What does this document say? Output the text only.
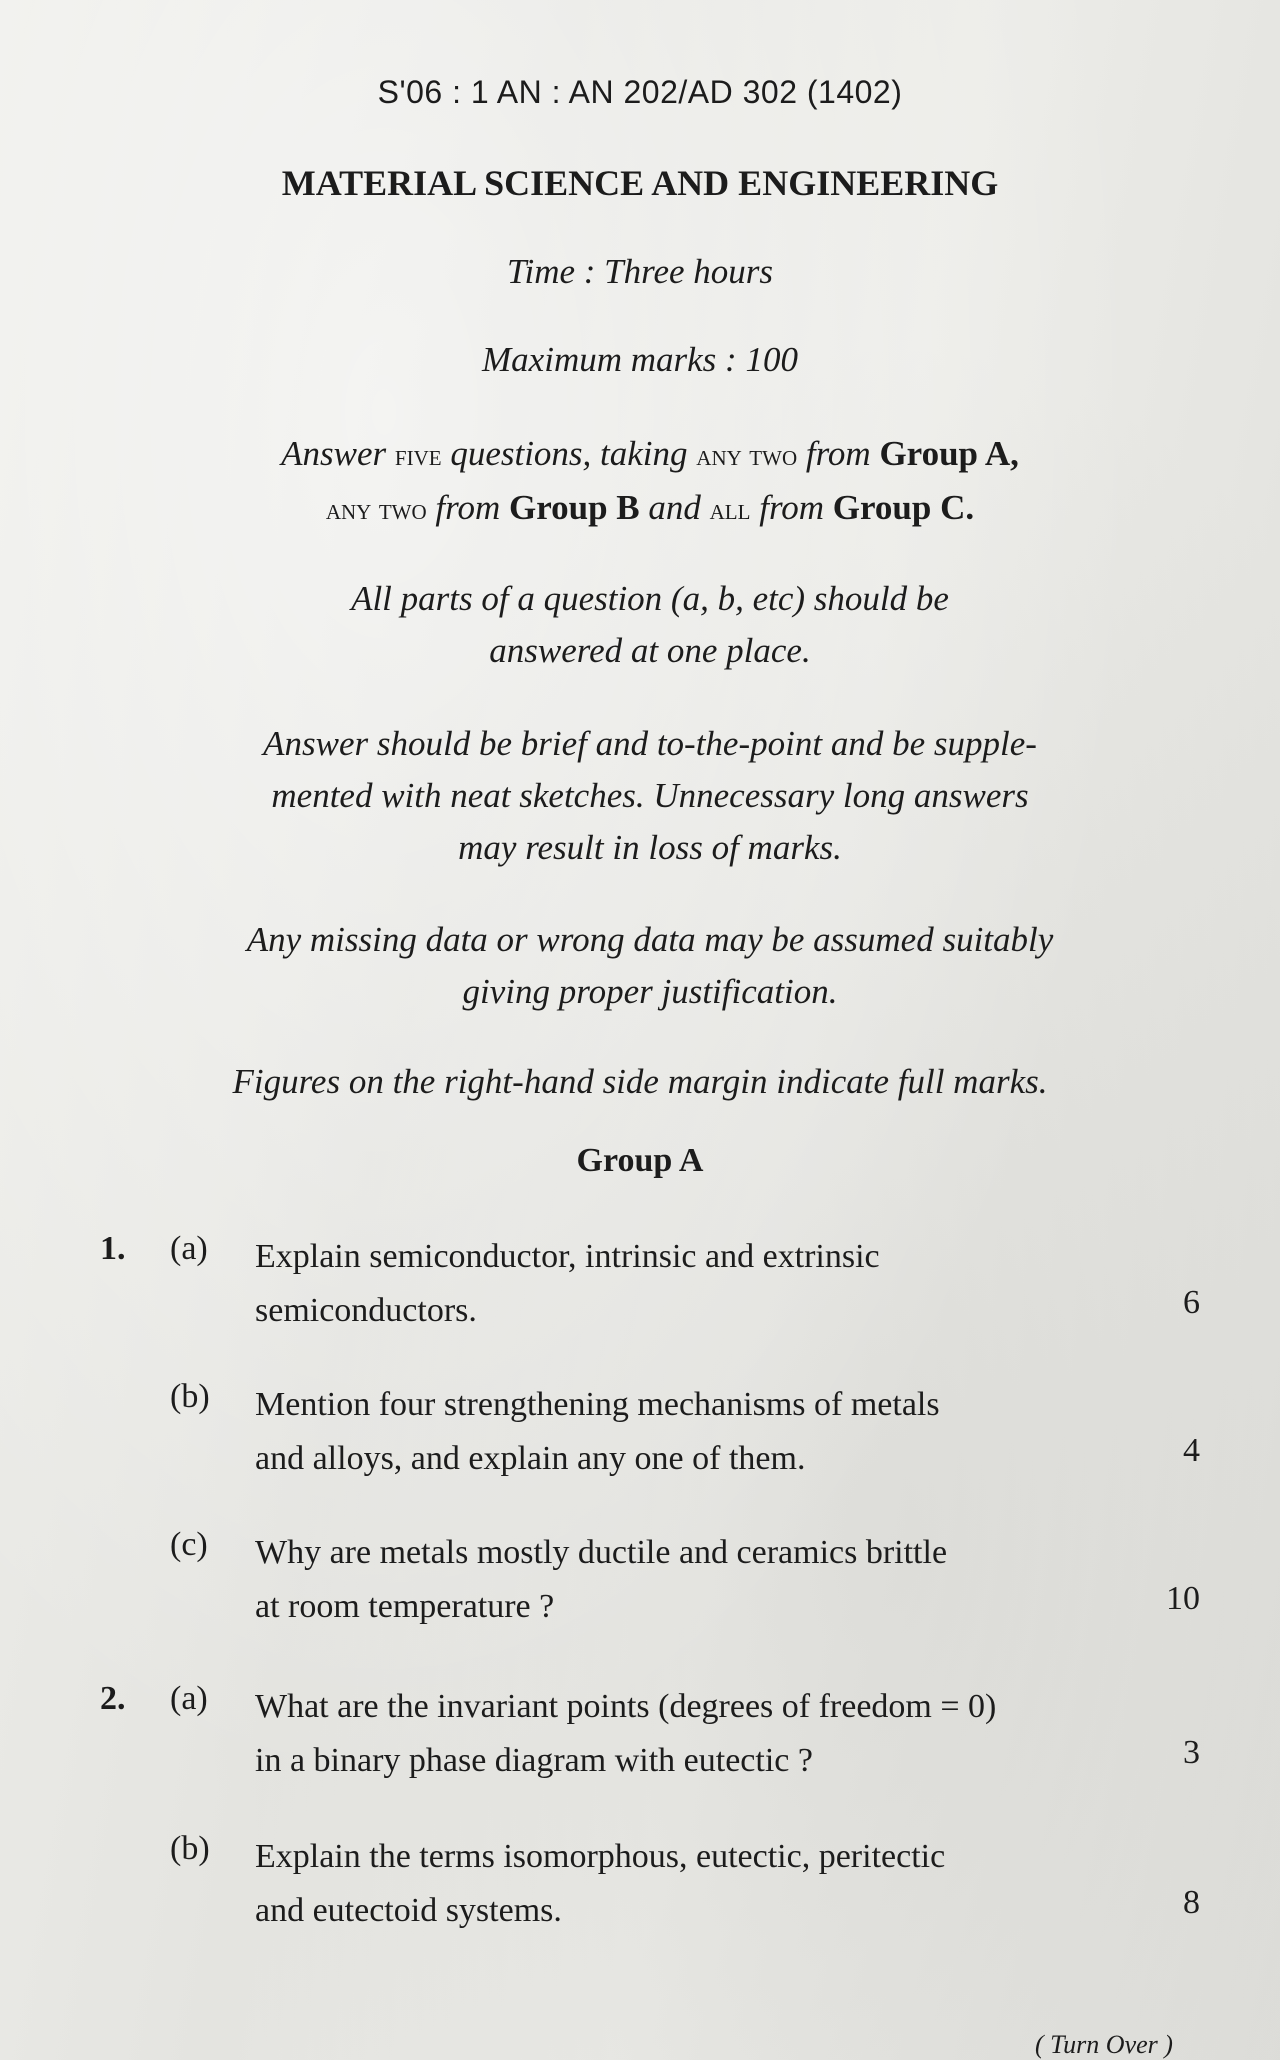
S'06 : 1 AN : AN 202/AD 302 (1402)
MATERIAL SCIENCE AND ENGINEERING
Time : Three hours
Maximum marks : 100
Answer five questions, taking any two from Group A,
any two from Group B and all from Group C.
All parts of a question (a, b, etc) should be
answered at one place.
Answer should be brief and to-the-point and be supple-
mented with neat sketches. Unnecessary long answers
may result in loss of marks.
Any missing data or wrong data may be assumed suitably
giving proper justification.
Figures on the right-hand side margin indicate full marks.
Group A
1. (a) Explain semiconductor, intrinsic and extrinsic
semiconductors.	6
(b) Mention four strengthening mechanisms of metals
and alloys, and explain any one of them.	4
(c) Why are metals mostly ductile and ceramics brittle
at room temperature ?	10
2. (a) What are the invariant points (degrees of freedom = 0)
in a binary phase diagram with eutectic ?	3
(b) Explain the terms isomorphous, eutectic, peritectic
and eutectoid systems.	8
( Turn Over )
